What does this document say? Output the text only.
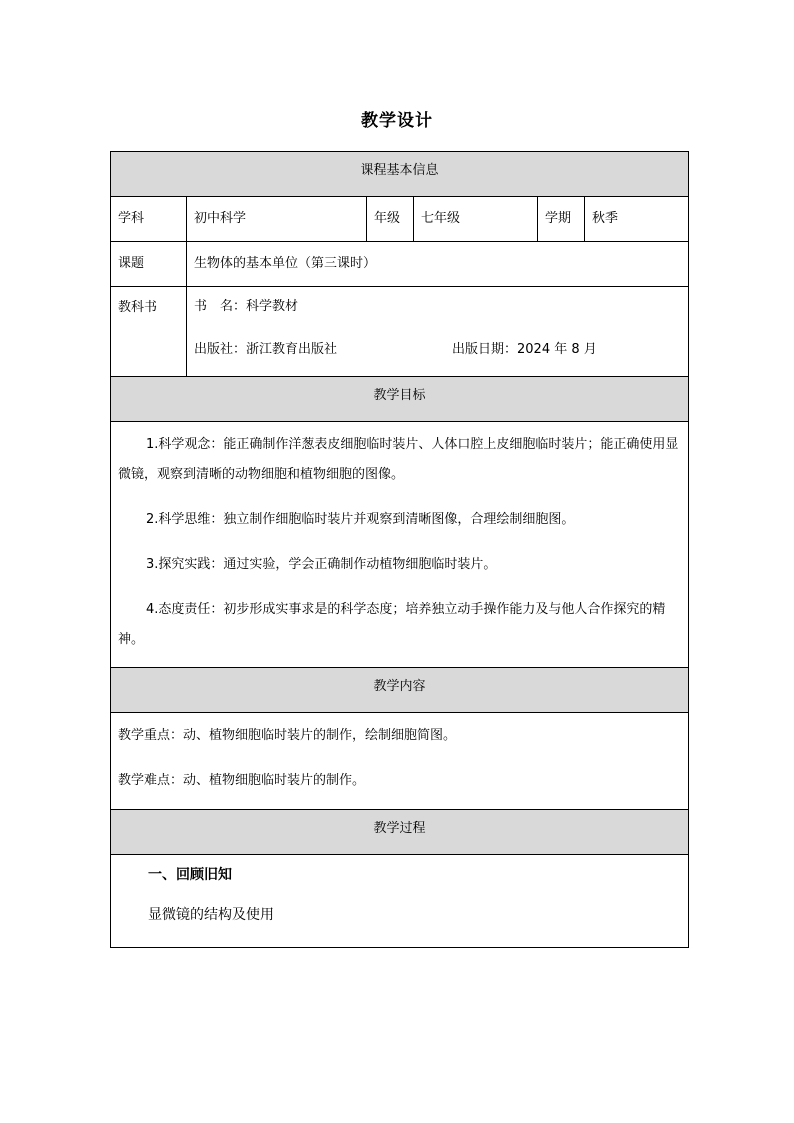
教学设计
课程基本信息					

学科	初中科学	年级	七年级	学期	秋季

课题	生物体的基本单位（第三课时）				

教科书	书　名：科学教材
出版社：浙江教育出版社 出版日期：2024 年 8 月				

教学目标					

1.科学观念：能正确制作洋葱表皮细胞临时装片、人体口腔上皮细胞临时装片；能正确使用显微镜，观察到清晰的动物细胞和植物细胞的图像。

2.科学思维：独立制作细胞临时装片并观察到清晰图像，合理绘制细胞图。

3.探究实践：通过实验，学会正确制作动植物细胞临时装片。

4.态度责任：初步形成实事求是的科学态度；培养独立动手操作能力及与他人合作探究的精神。					

教学内容					

教学重点：动、植物细胞临时装片的制作，绘制细胞简图。

教学难点：动、植物细胞临时装片的制作。					

教学过程					

一、回顾旧知
显微镜的结构及使用					
